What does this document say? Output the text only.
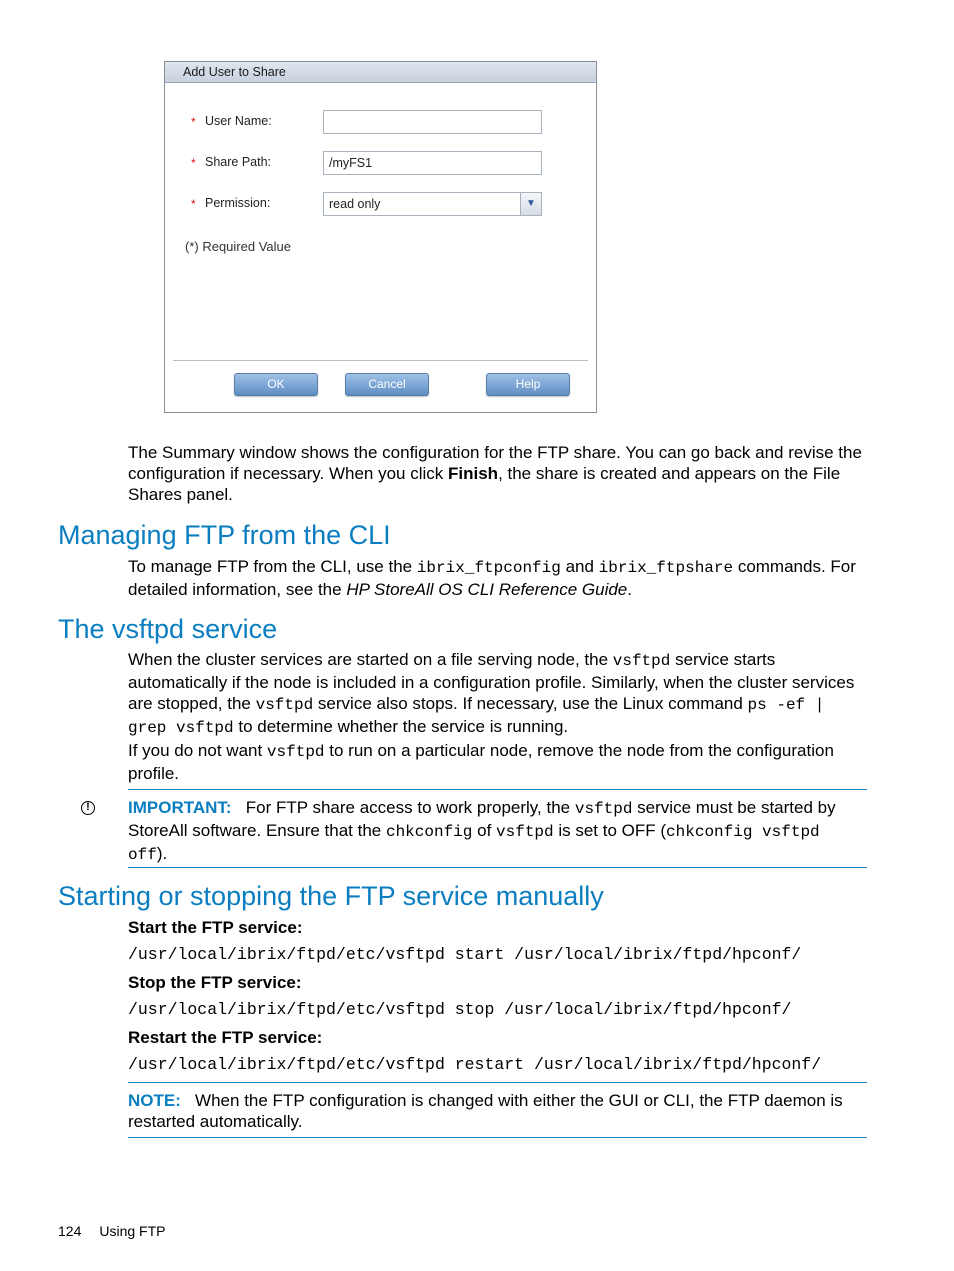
Add User to Share
* User Name:
* Share Path:	/myFS1
* Permission:	read only	▼
(*) Required Value
OK	Cancel	Help

The Summary window shows the configuration for the FTP share. You can go back and revise the configuration if necessary. When you click Finish, the share is created and appears on the File Shares panel.

Managing FTP from the CLI

To manage FTP from the CLI, use the ibrix_ftpconfig and ibrix_ftpshare commands. For detailed information, see the HP StoreAll OS CLI Reference Guide.

The vsftpd service

When the cluster services are started on a file serving node, the vsftpd service starts automatically if the node is included in a configuration profile. Similarly, when the cluster services are stopped, the vsftpd service also stops. If necessary, use the Linux command ps -ef | grep vsftpd to determine whether the service is running.

If you do not want vsftpd to run on a particular node, remove the node from the configuration profile.

!	IMPORTANT:   For FTP share access to work properly, the vsftpd service must be started by StoreAll software. Ensure that the chkconfig of vsftpd is set to OFF (chkconfig vsftpd off).

Starting or stopping the FTP service manually

Start the FTP service:

/usr/local/ibrix/ftpd/etc/vsftpd start /usr/local/ibrix/ftpd/hpconf/

Stop the FTP service:

/usr/local/ibrix/ftpd/etc/vsftpd stop /usr/local/ibrix/ftpd/hpconf/

Restart the FTP service:

/usr/local/ibrix/ftpd/etc/vsftpd restart /usr/local/ibrix/ftpd/hpconf/

NOTE:   When the FTP configuration is changed with either the GUI or CLI, the FTP daemon is restarted automatically.

124 Using FTP
